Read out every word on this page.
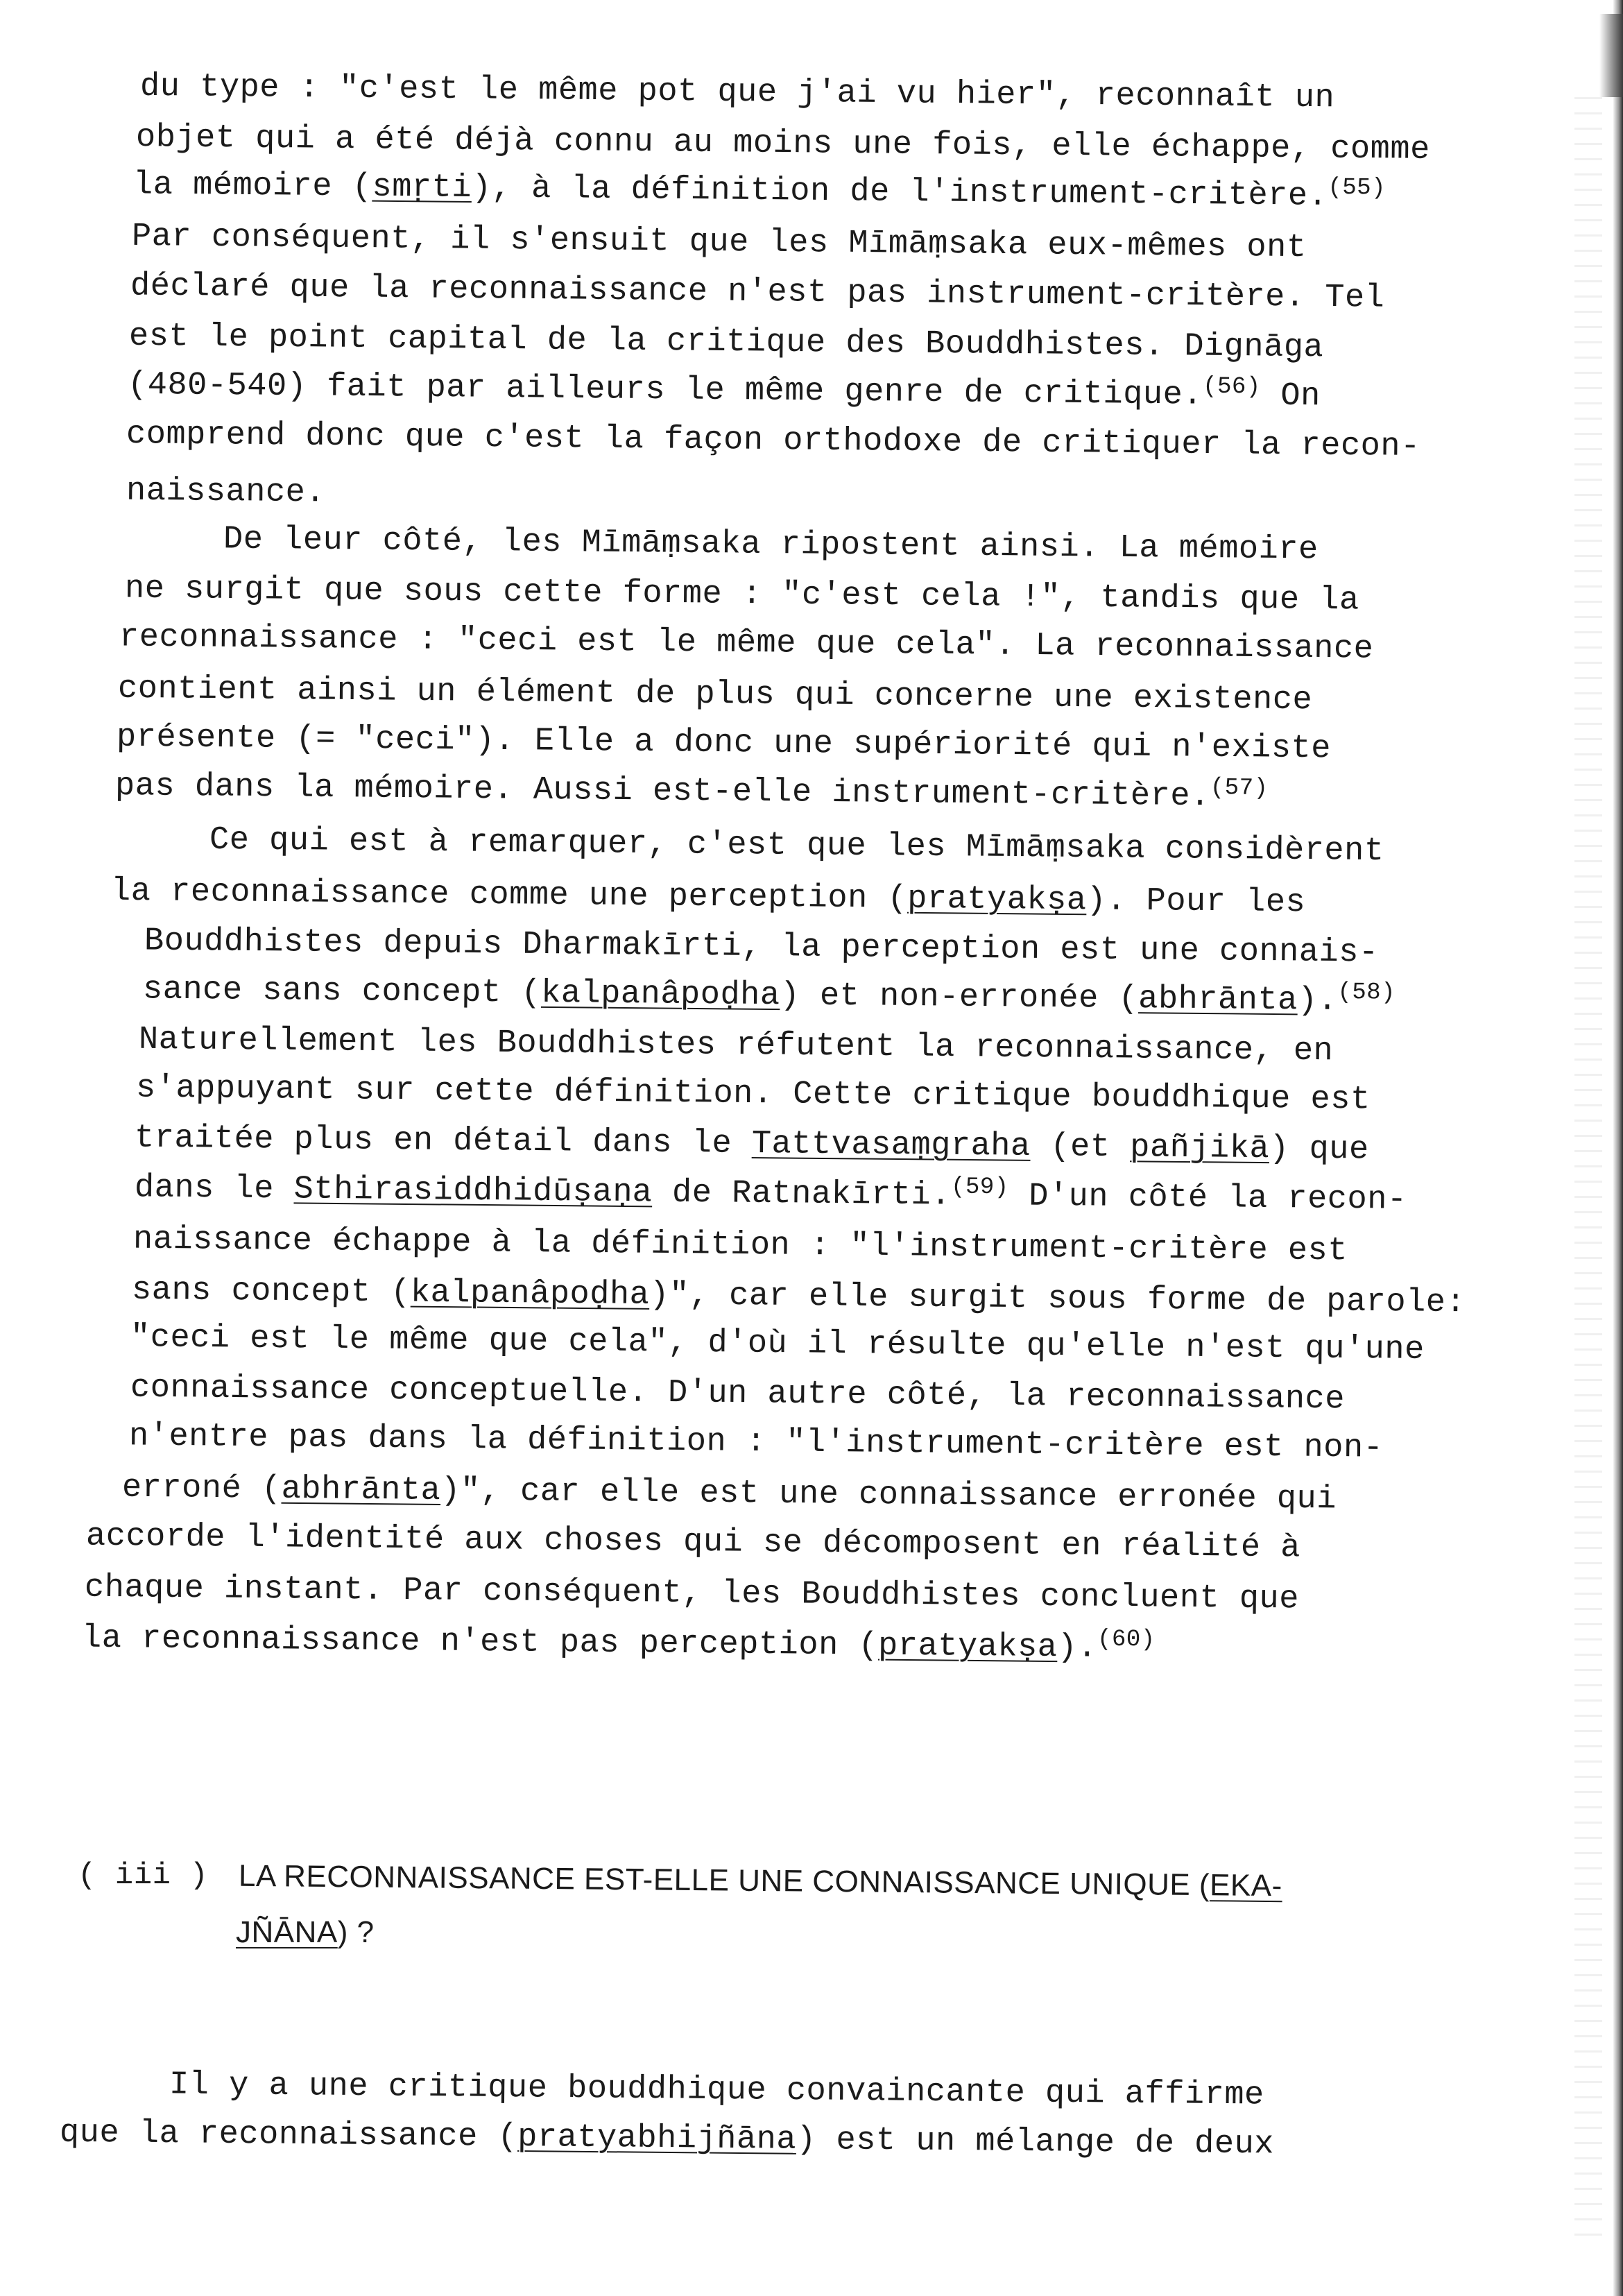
du type : "c'est le même pot que j'ai vu hier", reconnaît un
objet qui a été déjà connu au moins une fois, elle échappe, comme
la mémoire (smṛti), à la définition de l'instrument-critère.$^{(55)}$
Par conséquent, il s'ensuit que les Mīmāṃsaka eux-mêmes ont
déclaré que la reconnaissance n'est pas instrument-critère. Tel
est le point capital de la critique des Bouddhistes. Dignāga
(480-540) fait par ailleurs le même genre de critique.$^{(56)}$ On
comprend donc que c'est la façon orthodoxe de critiquer la recon-
naissance.
De leur côté, les Mīmāṃsaka ripostent ainsi. La mémoire
ne surgit que sous cette forme : "c'est cela !", tandis que la
reconnaissance : "ceci est le même que cela". La reconnaissance
contient ainsi un élément de plus qui concerne une existence
présente (= "ceci"). Elle a donc une supériorité qui n'existe
pas dans la mémoire. Aussi est-elle instrument-critère.$^{(57)}$
Ce qui est à remarquer, c'est que les Mīmāṃsaka considèrent
la reconnaissance comme une perception (pratyakṣa). Pour les
Bouddhistes depuis Dharmakīrti, la perception est une connais-
sance sans concept (kalpanâpoḍha) et non-erronée (abhrānta).$^{(58)}$
Naturellement les Bouddhistes réfutent la reconnaissance, en
s'appuyant sur cette définition. Cette critique bouddhique est
traitée plus en détail dans le Tattvasaṃgraha (et pañjikā) que
dans le Sthirasiddhidūṣaṇa de Ratnakīrti.$^{(59)}$ D'un côté la recon-
naissance échappe à la définition : "l'instrument-critère est
sans concept (kalpanâpoḍha)", car elle surgit sous forme de parole:
"ceci est le même que cela", d'où il résulte qu'elle n'est qu'une
connaissance conceptuelle. D'un autre côté, la reconnaissance
n'entre pas dans la définition : "l'instrument-critère est non-
erroné (abhrānta)", car elle est une connaissance erronée qui
accorde l'identité aux choses qui se décomposent en réalité à
chaque instant. Par conséquent, les Bouddhistes concluent que
la reconnaissance n'est pas perception (pratyakṣa).$^{(60)}$
( iii ) LA RECONNAISSANCE EST-ELLE UNE CONNAISSANCE UNIQUE (EKA-
JÑĀNA) ?
Il y a une critique bouddhique convaincante qui affirme
que la reconnaissance (pratyabhijñāna) est un mélange de deux
